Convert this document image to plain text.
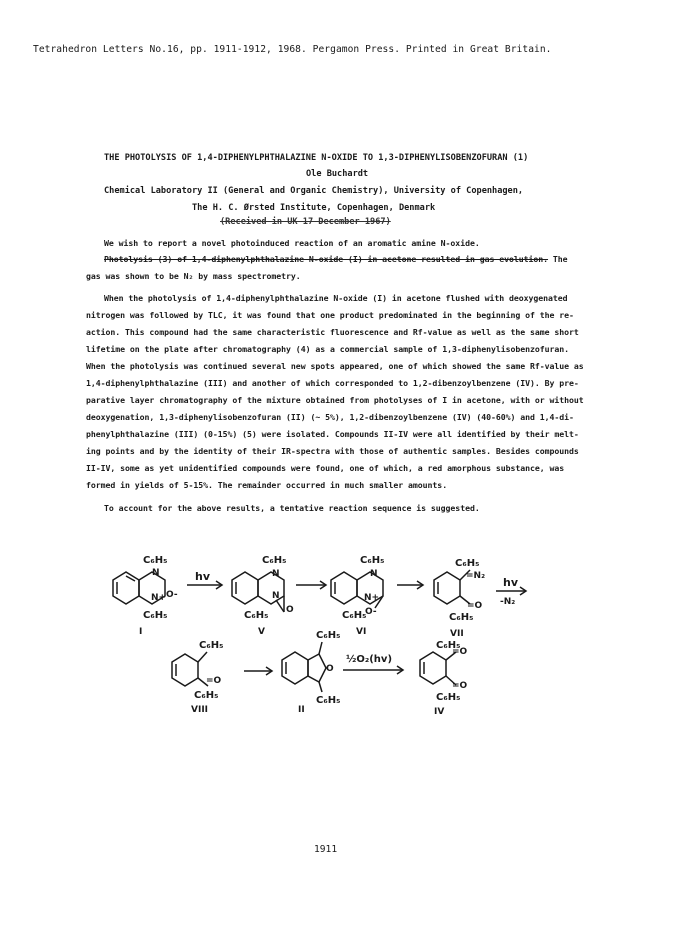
Tetrahedron Letters No.16, pp. 1911-1912, 1968. Pergamon Press. Printed in Great Britain.
THE PHOTOLYSIS OF 1,4-DIPHENYLPHTHALAZINE N-OXIDE TO 1,3-DIPHENYLISOBENZOFURAN (1)
Ole Buchardt
Chemical Laboratory II (General and Organic Chemistry), University of Copenhagen,
The H. C. Ørsted Institute, Copenhagen, Denmark
(Received in UK 17 December 1967)
We wish to report a novel photoinduced reaction of an aromatic amine N-oxide.
Photolysis (3) of 1,4-diphenylphthalazine N-oxide (I) in acetone resulted in gas evolution. The
gas was shown to be N₂ by mass spectrometry.
When the photolysis of 1,4-diphenylphthalazine N-oxide (I) in acetone flushed with deoxygenated
nitrogen was followed by TLC, it was found that one product predominated in the beginning of the re-
action. This compound had the same characteristic fluorescence and Rf-value as well as the same short
lifetime on the plate after chromatography (4) as a commercial sample of 1,3-diphenylisobenzofuran.
When the photolysis was continued several new spots appeared, one of which showed the same Rf-value as
1,4-diphenylphthalazine (III) and another of which corresponded to 1,2-dibenzoylbenzene (IV). By pre-
parative layer chromatography of the mixture obtained from photolyses of I in acetone, with or without
deoxygenation, 1,3-diphenylisobenzofuran (II) (~ 5%), 1,2-dibenzoylbenzene (IV) (40-60%) and 1,4-di-
phenylphthalazine (III) (0-15%) (5) were isolated. Compounds II-IV were all identified by their melt-
ing points and by the identity of their IR-spectra with those of authentic samples. Besides compounds
II-IV, some as yet unidentified compounds were found, one of which, a red amorphous substance, was
formed in yields of 5-15%. The remainder occurred in much smaller amounts.
To account for the above results, a tentative reaction sequence is suggested.
C₆H₅
N
N+ O-
C₆H₅
I
hv
C₆H₅
N
N
O
C₆H₅
V
C₆H₅
N
N+
O-
C₆H₅
VI
C₆H₅
=N₂
=O
C₆H₅
VII
hv
-N₂
C₆H₅
=O
C₆H₅
VIII
C₆H₅
O
C₆H₅
II
½O₂(hv)
C₆H₅
=O
=O
C₆H₅
IV
1911
